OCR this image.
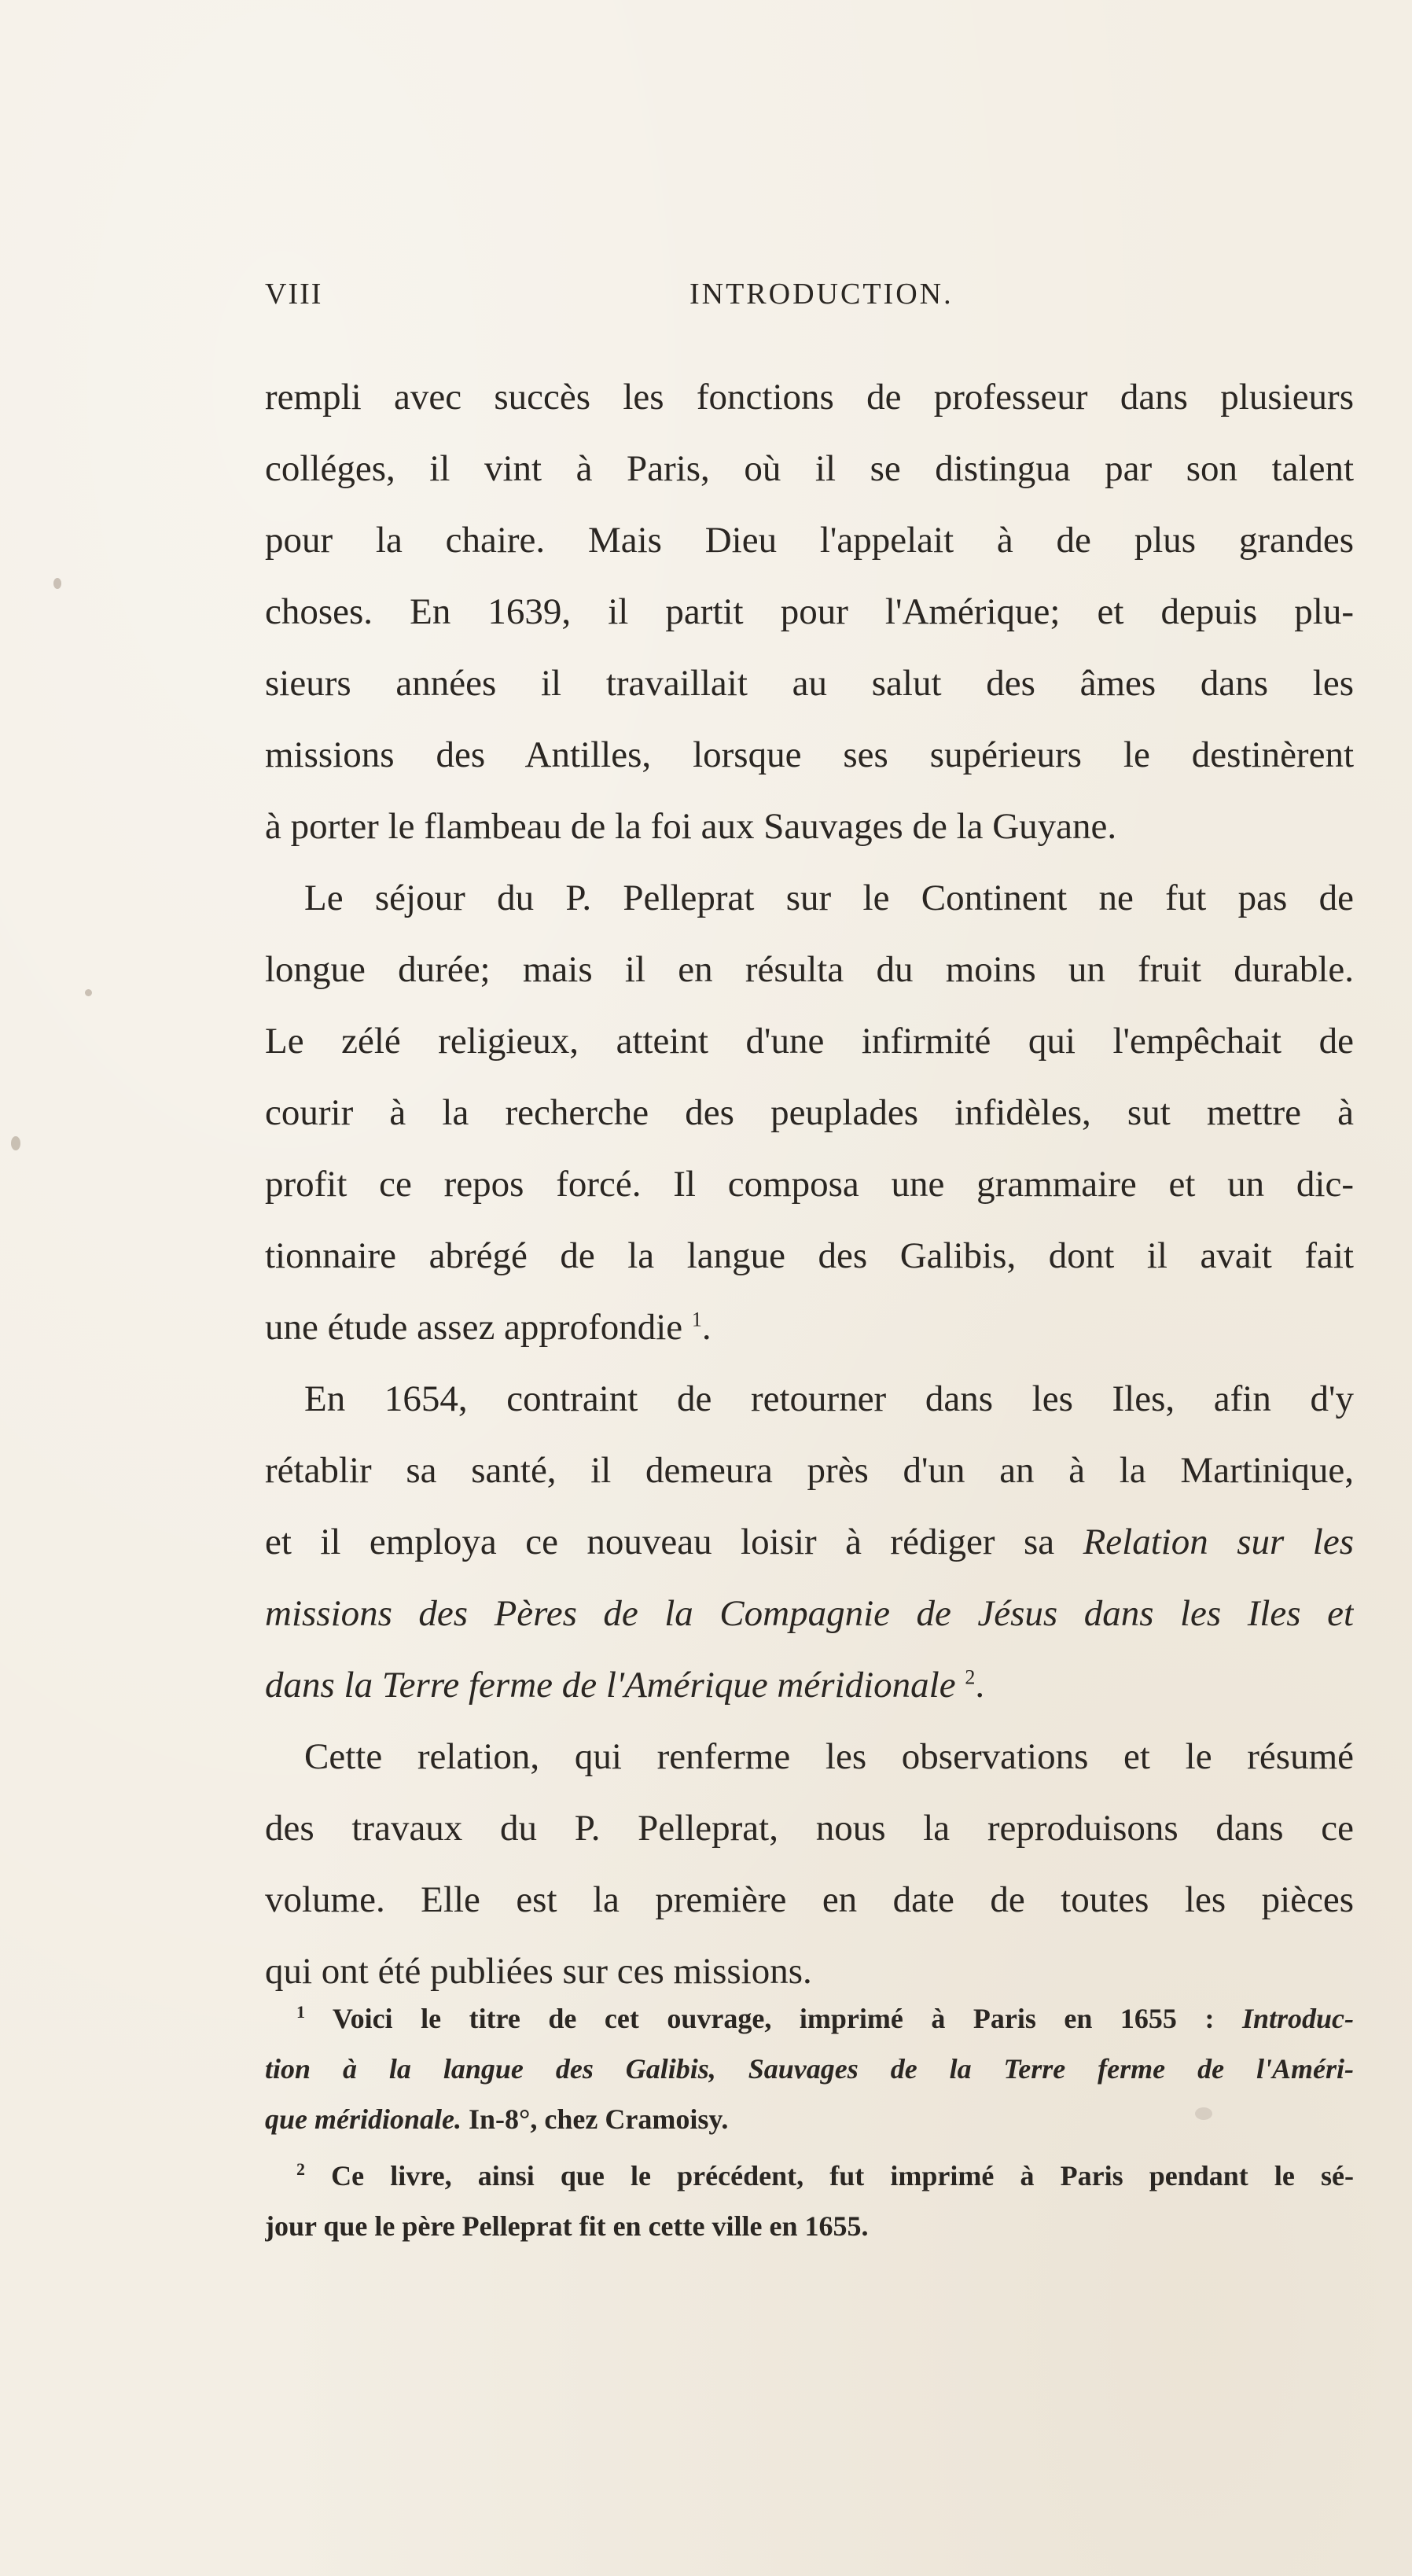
VIII	INTRODUCTION.
rempli avec succès les fonctions de professeur dans plusieurs
colléges, il vint à Paris, où il se distingua par son talent
pour la chaire. Mais Dieu l'appelait à de plus grandes
choses. En 1639, il partit pour l'Amérique; et depuis plu-
sieurs années il travaillait au salut des âmes dans les
missions des Antilles, lorsque ses supérieurs le destinèrent
à porter le flambeau de la foi aux Sauvages de la Guyane.
Le séjour du P. Pelleprat sur le Continent ne fut pas de
longue durée; mais il en résulta du moins un fruit durable.
Le zélé religieux, atteint d'une infirmité qui l'empêchait de
courir à la recherche des peuplades infidèles, sut mettre à
profit ce repos forcé. Il composa une grammaire et un dic-
tionnaire abrégé de la langue des Galibis, dont il avait fait
une étude assez approfondie $^1$.
En 1654, contraint de retourner dans les Iles, afin d'y
rétablir sa santé, il demeura près d'un an à la Martinique,
et il employa ce nouveau loisir à rédiger sa Relation sur les
missions des Pères de la Compagnie de Jésus dans les Iles et
dans la Terre ferme de l'Amérique méridionale $^2$.
Cette relation, qui renferme les observations et le résumé
des travaux du P. Pelleprat, nous la reproduisons dans ce
volume. Elle est la première en date de toutes les pièces
qui ont été publiées sur ces missions.
$^1$ Voici le titre de cet ouvrage, imprimé à Paris en 1655 : Introduc-
tion à la langue des Galibis, Sauvages de la Terre ferme de l'Améri-
que méridionale. In-8°, chez Cramoisy.
$^2$ Ce livre, ainsi que le précédent, fut imprimé à Paris pendant le sé-
jour que le père Pelleprat fit en cette ville en 1655.
